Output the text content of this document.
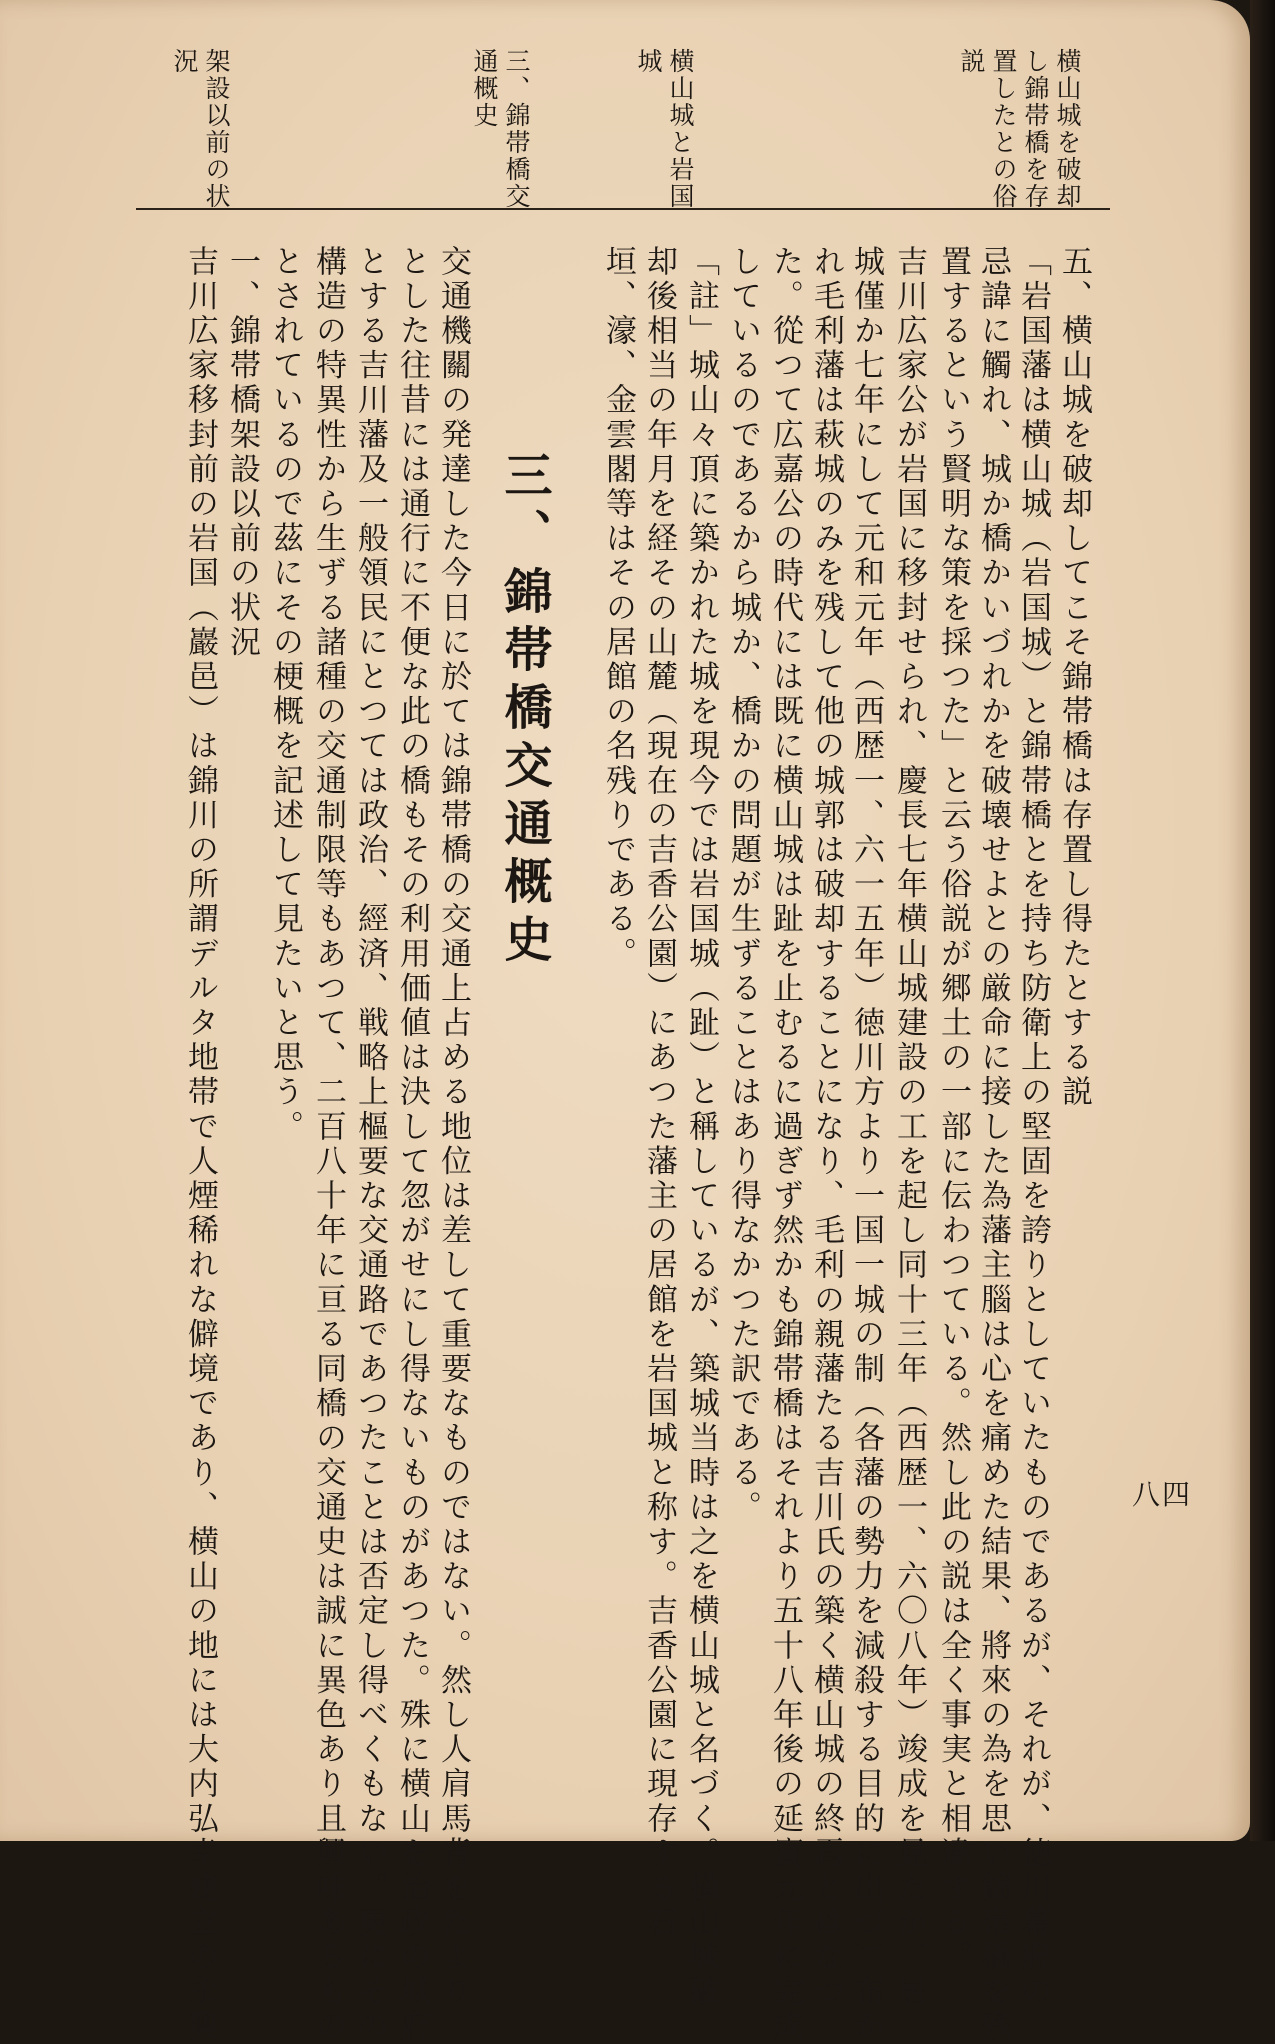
横山城を破却
し錦帯橋を存
置したとの俗
説
横山城と岩国
城
三、錦帯橋交
通概史
架設以前の状
況
五、横山城を破却してこそ錦帯橋は存置し得たとする説
「岩国藩は横山城（岩国城）と錦帯橋とを持ち防衛上の堅固を誇りとしていたものであるが、それが、徳川幕府の
忌諱に觸れ、城か橋かいづれかを破壊せよとの厳命に接した為藩主腦は心を痛めた結果、將來の為を思い錦帯橋を残
置するという賢明な策を採つた」と云う俗説が郷土の一部に伝わつている。然し此の説は全く事実と相違する。
吉川広家公が岩国に移封せられ、慶長七年横山城建設の工を起し同十三年（西歴一、六〇八年）竣成を見たが、居
城僅か七年にして元和元年（西歴一、六一五年）徳川方より一国一城の制（各藩の勢力を減殺する目的に出づ）布か
れ毛利藩は萩城のみを残して他の城郭は破却することになり、毛利の親藩たる吉川氏の築く横山城の終焉とはなつ
た。從つて広嘉公の時代には既に横山城は趾を止むるに過ぎず然かも錦帯橋はそれより五十八年後の延寶元年に完成
しているのであるから城か、橋かの問題が生ずることはあり得なかつた訳である。
「註」城山々頂に築かれた城を現今では岩国城（趾）と稱しているが、築城当時は之を横山城と名づく。横山城破
却後相当の年月を経その山麓（現在の吉香公園）にあつた藩主の居館を岩国城と称す。吉香公園に現存する石
垣、濠、金雲閣等はその居館の名残りである。
三、錦帯橋交通概史
交通機關の発達した今日に於ては錦帯橋の交通上占める地位は差して重要なものではない。然し人肩馬背をたより
とした往昔には通行に不便な此の橋もその利用価値は決して忽がせにし得ないものがあつた。殊に横山を治政の城府
とする吉川藩及一般領民にとつては政治、經済、戦略上樞要な交通路であつたことは否定し得べくもない。更にその
構造の特異性から生ずる諸種の交通制限等もあつて、二百八十年に亘る同橋の交通史は誠に異色あり且興味あるもの
とされているので茲にその梗概を記述して見たいと思う。
一、錦帯橋架設以前の状況
吉川広家移封前の岩国（巖邑）は錦川の所謂デルタ地帯で人煙稀れな僻境であり、横山の地には大内弘幸建立の永興	八四
